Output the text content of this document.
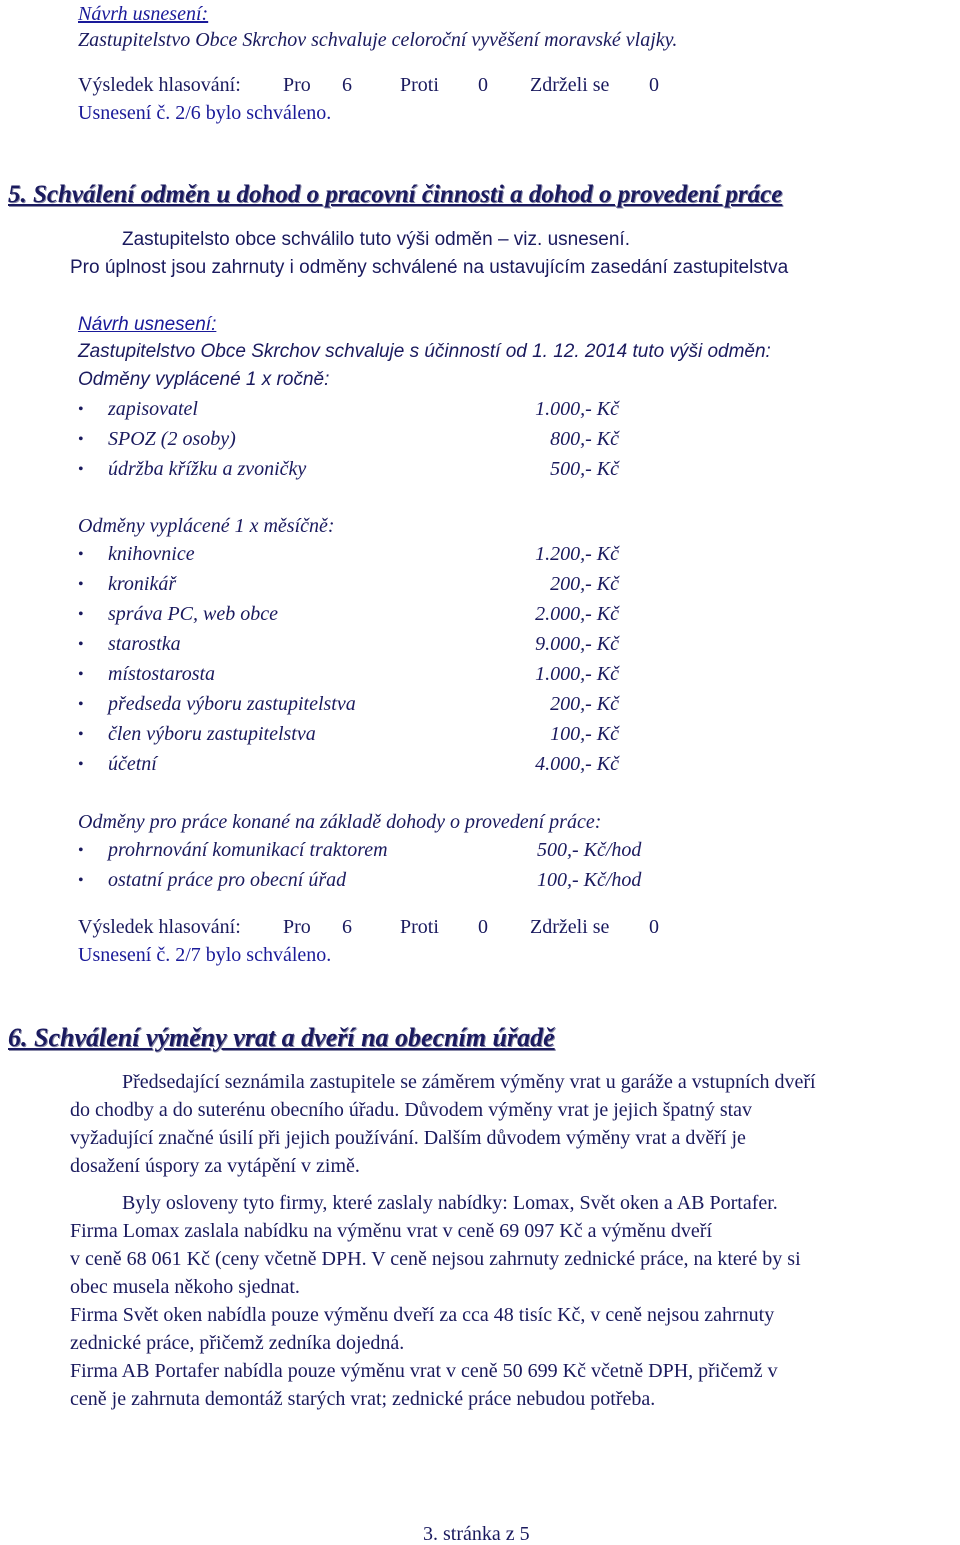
Návrh usnesení:
Zastupitelstvo Obce Skrchov schvaluje celoroční vyvěšení moravské vlajky.
Výsledek hlasování: Pro 6 Proti 0 Zdrželi se 0
Usnesení č. 2/6 bylo schváleno.
5. Schválení odměn u dohod o pracovní činnosti a dohod o provedení práce
Zastupitelsto obce schválilo tuto výši odměn – viz. usnesení.
Pro úplnost jsou zahrnuty i odměny schválené na ustavujícím zasedání zastupitelstva
Návrh usnesení:
Zastupitelstvo Obce Skrchov schvaluje s účinností od 1. 12. 2014 tuto výši odměn:
Odměny vyplácené 1 x ročně:
• zapisovatel	1.000,- Kč
• SPOZ (2 osoby)	800,- Kč
• údržba křížku a zvoničky	500,- Kč
Odměny vyplácené 1 x měsíčně:
• knihovnice	1.200,- Kč
• kronikář	200,- Kč
• správa PC, web obce	2.000,- Kč
• starostka	9.000,- Kč
• místostarosta	1.000,- Kč
• předseda výboru zastupitelstva	200,- Kč
• člen výboru zastupitelstva	100,- Kč
• účetní	4.000,- Kč
Odměny pro práce konané na základě dohody o provedení práce:
• prohrnování komunikací traktorem	500,- Kč/hod
• ostatní práce pro obecní úřad	100,- Kč/hod
Výsledek hlasování: Pro 6 Proti 0 Zdrželi se 0
Usnesení č. 2/7 bylo schváleno.
6. Schválení výměny vrat a dveří na obecním úřadě
Předsedající seznámila zastupitele se záměrem výměny vrat u garáže a vstupních dveří
do chodby a do suterénu obecního úřadu. Důvodem výměny vrat je jejich špatný stav
vyžadující značné úsilí při jejich používání. Dalším důvodem výměny vrat a dvěří je
dosažení úspory za vytápění v zimě.
Byly osloveny tyto firmy, které zaslaly nabídky: Lomax, Svět oken a AB Portafer.
Firma Lomax zaslala nabídku na výměnu vrat v ceně 69 097 Kč a výměnu dveří
v ceně 68 061 Kč (ceny včetně DPH. V ceně nejsou zahrnuty zednické práce, na které by si
obec musela někoho sjednat.
Firma Svět oken nabídla pouze výměnu dveří za cca 48 tisíc Kč, v ceně nejsou zahrnuty
zednické práce, přičemž zedníka dojedná.
Firma AB Portafer nabídla pouze výměnu vrat v ceně 50 699 Kč včetně DPH, přičemž v
ceně je zahrnuta demontáž starých vrat; zednické práce nebudou potřeba.
3. stránka z 5
